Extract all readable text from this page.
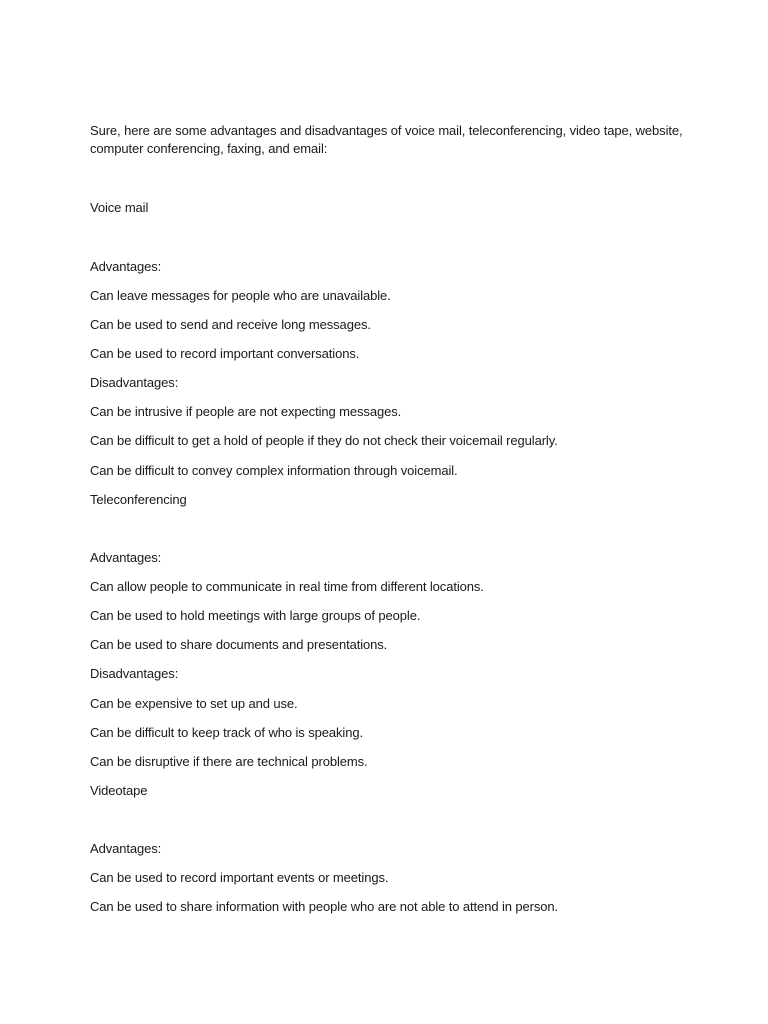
Sure, here are some advantages and disadvantages of voice mail, teleconferencing, video tape, website, computer conferencing, faxing, and email:
Voice mail
Advantages:
Can leave messages for people who are unavailable.
Can be used to send and receive long messages.
Can be used to record important conversations.
Disadvantages:
Can be intrusive if people are not expecting messages.
Can be difficult to get a hold of people if they do not check their voicemail regularly.
Can be difficult to convey complex information through voicemail.
Teleconferencing
Advantages:
Can allow people to communicate in real time from different locations.
Can be used to hold meetings with large groups of people.
Can be used to share documents and presentations.
Disadvantages:
Can be expensive to set up and use.
Can be difficult to keep track of who is speaking.
Can be disruptive if there are technical problems.
Videotape
Advantages:
Can be used to record important events or meetings.
Can be used to share information with people who are not able to attend in person.
